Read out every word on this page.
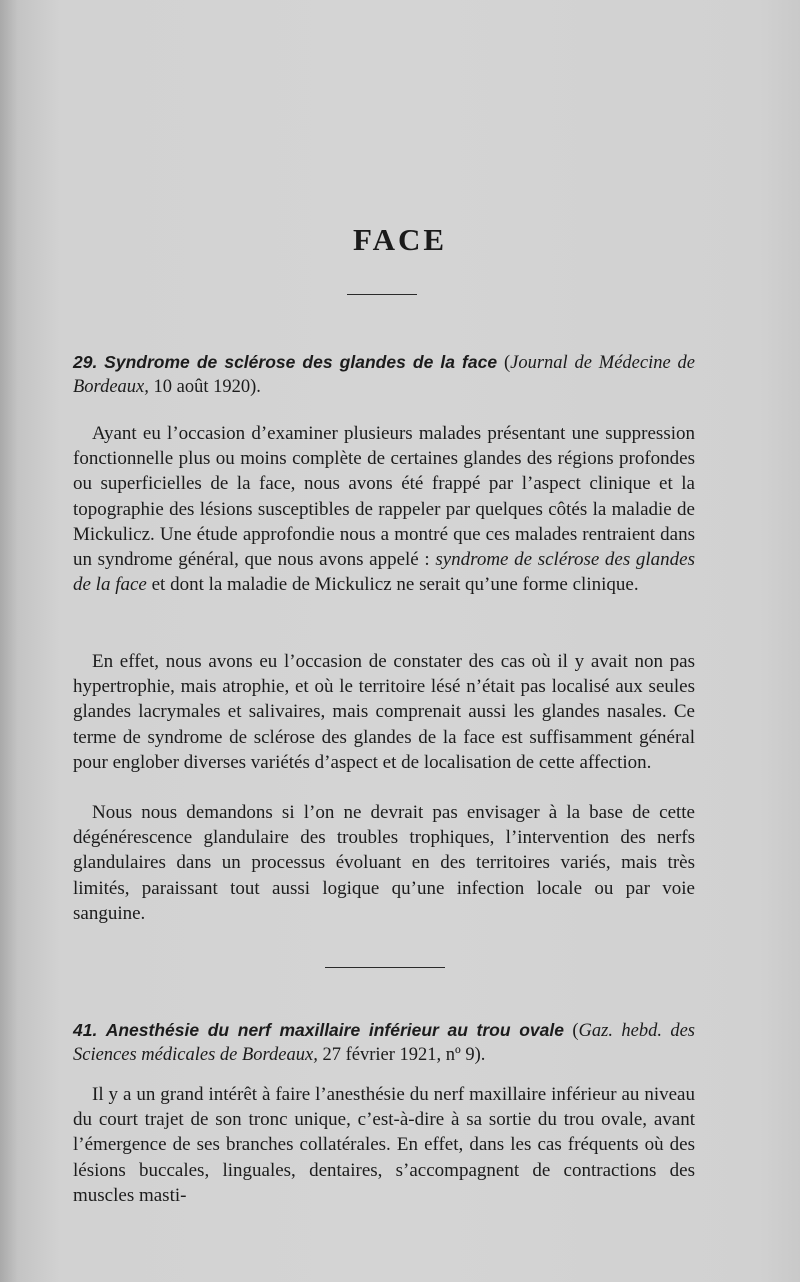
FACE
29. Syndrome de sclérose des glandes de la face (Journal de Médecine de Bordeaux, 10 août 1920).

Ayant eu l’occasion d’examiner plusieurs malades présentant une suppression fonctionnelle plus ou moins complète de certaines glandes des régions profondes ou superficielles de la face, nous avons été frappé par l’aspect clinique et la topographie des lésions susceptibles de rappeler par quelques côtés la maladie de Mickulicz. Une étude approfondie nous a montré que ces malades rentraient dans un syndrome général, que nous avons appelé : syndrome de sclérose des glandes de la face et dont la maladie de Mickulicz ne serait qu’une forme clinique.

En effet, nous avons eu l’occasion de constater des cas où il y avait non pas hypertrophie, mais atrophie, et où le territoire lésé n’était pas localisé aux seules glandes lacrymales et salivaires, mais comprenait aussi les glandes nasales. Ce terme de syndrome de sclérose des glandes de la face est suffisamment général pour englober diverses variétés d’aspect et de localisation de cette affection.

Nous nous demandons si l’on ne devrait pas envisager à la base de cette dégénérescence glandulaire des troubles trophiques, l’intervention des nerfs glandulaires dans un processus évoluant en des territoires variés, mais très limités, paraissant tout aussi logique qu’une infection locale ou par voie sanguine.

41. Anesthésie du nerf maxillaire inférieur au trou ovale (Gaz. hebd. des Sciences médicales de Bordeaux, 27 février 1921, nº 9).

Il y a un grand intérêt à faire l’anesthésie du nerf maxillaire inférieur au niveau du court trajet de son tronc unique, c’est-à-dire à sa sortie du trou ovale, avant l’émergence de ses branches collatérales. En effet, dans les cas fréquents où des lésions buccales, linguales, dentaires, s’accompagnent de contractions des muscles masti-
